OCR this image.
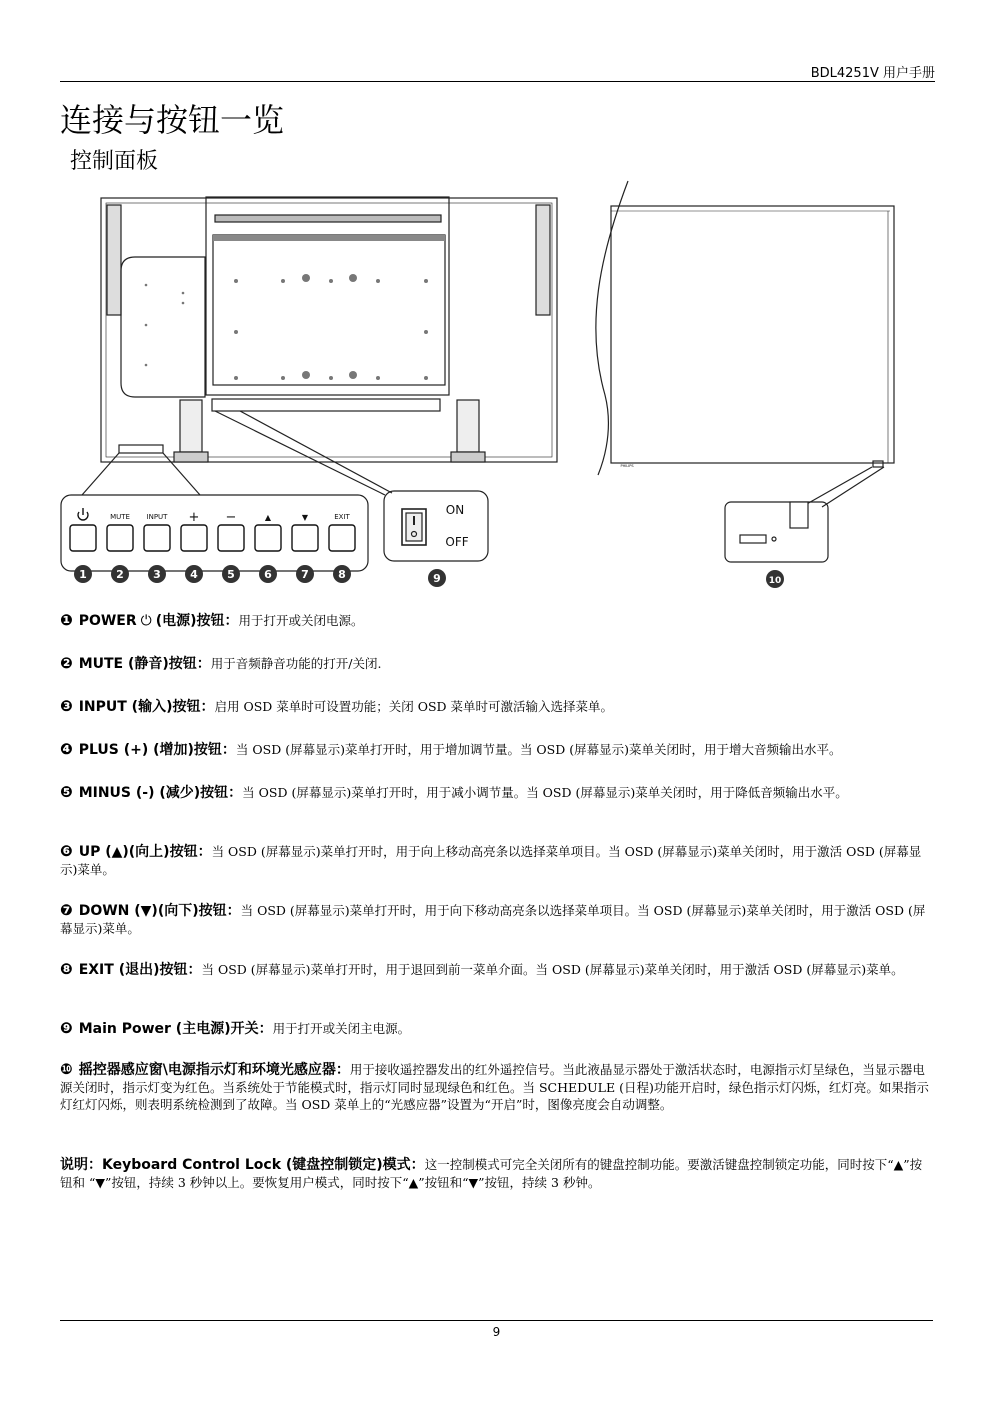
BDL4251V 用户手册
连接与按钮一览
控制面板
MUTE INPUT + −	▲	▼	EXIT	ON
OFF
PHILIPS
1	2	3	4	5	6	7	8	9	10
❶ POWER ⏻ (电源)按钮：用于打开或关闭电源。
❷ MUTE (静音)按钮：用于音频静音功能的打开/关闭.
❸ INPUT (输入)按钮：启用 OSD 菜单时可设置功能；关闭 OSD 菜单时可激活输入选择菜单。
❹ PLUS (+) (增加)按钮：当 OSD (屏幕显示)菜单打开时，用于增加调节量。当 OSD (屏幕显示)菜单关闭时，用于增大音频输出水平。
❺ MINUS (-) (减少)按钮：当 OSD (屏幕显示)菜单打开时，用于减小调节量。当 OSD (屏幕显示)菜单关闭时，用于降低音频输出水平。
❻ UP (▲)(向上)按钮：当 OSD (屏幕显示)菜单打开时，用于向上移动高亮条以选择菜单项目。当 OSD (屏幕显示)菜单关闭时，用于激活 OSD (屏幕显示)菜单。
❼ DOWN (▼)(向下)按钮：当 OSD (屏幕显示)菜单打开时，用于向下移动高亮条以选择菜单项目。当 OSD (屏幕显示)菜单关闭时，用于激活 OSD (屏幕显示)菜单。
❽ EXIT (退出)按钮：当 OSD (屏幕显示)菜单打开时，用于退回到前一菜单介面。当 OSD (屏幕显示)菜单关闭时，用于激活 OSD (屏幕显示)菜单。
❾ Main Power (主电源)开关：用于打开或关闭主电源。
❿ 摇控器感应窗\电源指示灯和环境光感应器：用于接收遥控器发出的红外遥控信号。当此液晶显示器处于激活状态时，电源指示灯呈绿色，当显示器电源关闭时，指示灯变为红色。当系统处于节能模式时，指示灯同时显现绿色和红色。当 SCHEDULE (日程)功能开启时，绿色指示灯闪烁，红灯亮。如果指示灯红灯闪烁，则表明系统检测到了故障。当 OSD 菜单上的“光感应器”设置为“开启”时，图像亮度会自动调整。
说明：Keyboard Control Lock (键盘控制锁定)模式：这一控制模式可完全关闭所有的键盘控制功能。要激活键盘控制锁定功能，同时按下“▲”按钮和 “▼”按钮，持续 3 秒钟以上。要恢复用户模式，同时按下“▲”按钮和“▼”按钮，持续 3 秒钟。
9
